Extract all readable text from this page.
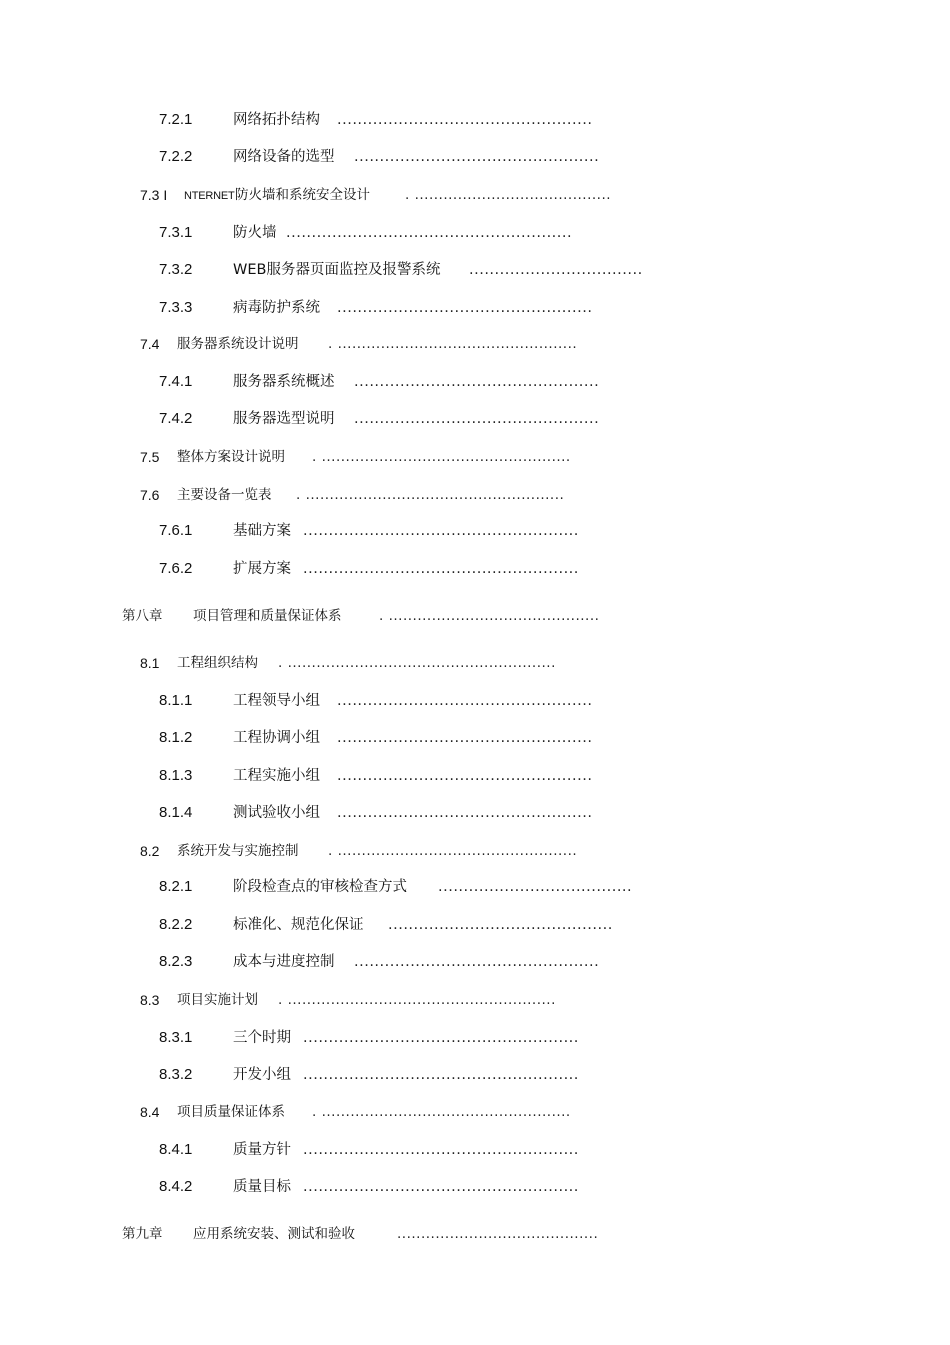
7.2.1	网络拓扑结构 ..................................................
7.2.2	网络设备的选型 ................................................
7.3 I NTERNET 防火墙和系统安全设计	. .........................................
7.3.1	防火墙 ........................................................
7.3.2	WEB服务器页面监控及报警系统 ..................................
7.3.3	病毒防护系统 ..................................................
7.4 服务器系统设计说明 . ..................................................
7.4.1	服务器系统概述 ................................................
7.4.2	服务器选型说明 ................................................
7.5 整体方案设计说明 . ....................................................
7.6 主要设备一览表 . ......................................................
7.6.1	基础方案 ......................................................
7.6.2	扩展方案 ......................................................
第八章 项目管理和质量保证体系	. ............................................
8.1 工程组织结构 . ........................................................
8.1.1	工程领导小组 ..................................................
8.1.2	工程协调小组 ..................................................
8.1.3	工程实施小组 ..................................................
8.1.4	测试验收小组 ..................................................
8.2 系统开发与实施控制 . ..................................................
8.2.1	阶段检查点的审核检查方式 ......................................
8.2.2	标准化、规范化保证 ............................................
8.2.3	成本与进度控制 ................................................
8.3 项目实施计划 . ........................................................
8.3.1	三个时期 ......................................................
8.3.2	开发小组 ......................................................
8.4 项目质量保证体系 . ....................................................
8.4.1	质量方针 ......................................................
8.4.2	质量目标 ......................................................
第九章 应用系统安装、测试和验收	..........................................
